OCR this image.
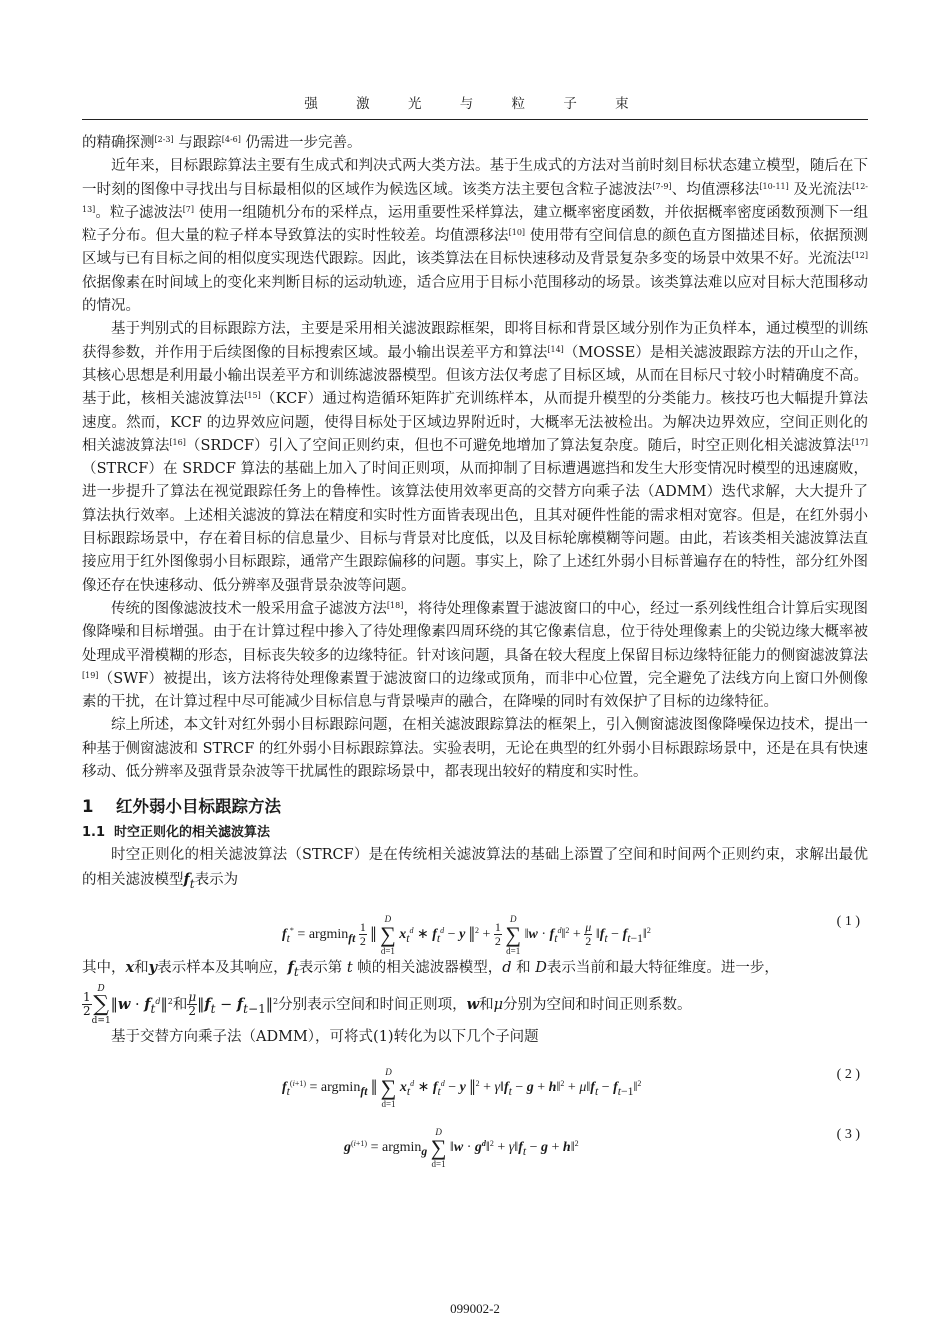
强 激 光 与 粒 子 束

的精确探测[2-3] 与跟踪[4-6] 仍需进一步完善。

近年来，目标跟踪算法主要有生成式和判决式两大类方法。基于生成式的方法对当前时刻目标状态建立模型，随后在下一时刻的图像中寻找出与目标最相似的区域作为候选区域。该类方法主要包含粒子滤波法[7-9]、均值漂移法[10-11] 及光流法[12-13]。粒子滤波法[7] 使用一组随机分布的采样点，运用重要性采样算法，建立概率密度函数，并依据概率密度函数预测下一组粒子分布。但大量的粒子样本导致算法的实时性较差。均值漂移法[10] 使用带有空间信息的颜色直方图描述目标，依据预测区域与已有目标之间的相似度实现迭代跟踪。因此，该类算法在目标快速移动及背景复杂多变的场景中效果不好。光流法[12] 依据像素在时间域上的变化来判断目标的运动轨迹，适合应用于目标小范围移动的场景。该类算法难以应对目标大范围移动的情况。

基于判别式的目标跟踪方法，主要是采用相关滤波跟踪框架，即将目标和背景区域分别作为正负样本，通过模型的训练获得参数，并作用于后续图像的目标搜索区域。最小输出误差平方和算法[14]（MOSSE）是相关滤波跟踪方法的开山之作，其核心思想是利用最小输出误差平方和训练滤波器模型。但该方法仅考虑了目标区域，从而在目标尺寸较小时精确度不高。基于此，核相关滤波算法[15]（KCF）通过构造循环矩阵扩充训练样本，从而提升模型的分类能力。核技巧也大幅提升算法速度。然而，KCF 的边界效应问题，使得目标处于区域边界附近时，大概率无法被检出。为解决边界效应，空间正则化的相关滤波算法[16]（SRDCF）引入了空间正则约束，但也不可避免地增加了算法复杂度。随后，时空正则化相关滤波算法[17]（STRCF）在 SRDCF 算法的基础上加入了时间正则项，从而抑制了目标遭遇遮挡和发生大形变情况时模型的迅速腐败，进一步提升了算法在视觉跟踪任务上的鲁棒性。该算法使用效率更高的交替方向乘子法（ADMM）迭代求解，大大提升了算法执行效率。上述相关滤波的算法在精度和实时性方面皆表现出色，且其对硬件性能的需求相对宽容。但是，在红外弱小目标跟踪场景中，存在着目标的信息量少、目标与背景对比度低，以及目标轮廓模糊等问题。由此，若该类相关滤波算法直接应用于红外图像弱小目标跟踪，通常产生跟踪偏移的问题。事实上，除了上述红外弱小目标普遍存在的特性，部分红外图像还存在快速移动、低分辨率及强背景杂波等问题。

传统的图像滤波技术一般采用盒子滤波方法[18]，将待处理像素置于滤波窗口的中心，经过一系列线性组合计算后实现图像降噪和目标增强。由于在计算过程中掺入了待处理像素四周环绕的其它像素信息，位于待处理像素上的尖锐边缘大概率被处理成平滑模糊的形态，目标丧失较多的边缘特征。针对该问题，具备在较大程度上保留目标边缘特征能力的侧窗滤波算法[19]（SWF）被提出，该方法将待处理像素置于滤波窗口的边缘或顶角，而非中心位置，完全避免了法线方向上窗口外侧像素的干扰，在计算过程中尽可能减少目标信息与背景噪声的融合，在降噪的同时有效保护了目标的边缘特征。

综上所述，本文针对红外弱小目标跟踪问题，在相关滤波跟踪算法的框架上，引入侧窗滤波图像降噪保边技术，提出一种基于侧窗滤波和 STRCF 的红外弱小目标跟踪算法。实验表明，无论在典型的红外弱小目标跟踪场景中，还是在具有快速移动、低分辨率及强背景杂波等干扰属性的跟踪场景中，都表现出较好的精度和实时性。

1 红外弱小目标跟踪方法
1.1 时空正则化的相关滤波算法

时空正则化的相关滤波算法（STRCF）是在传统相关滤波算法的基础上添置了空间和时间两个正则约束，求解出最优的相关滤波模型$f_t$表示为

$f_t^* = argmin_{ft} \frac{1}{2}$ ‖ D
∑
d=1 $x_t^d$ ∗ $f_t^d - y$ ‖$^2$ + $\frac{1}{2}$
D
∑
d=1 ‖w · $f_t^d‖^2 + \frac{\mu}{2}$ $‖f_t$ − $f_{t-1}‖^2$
( 1 )

其中，x和y表示样本及其响应，$f_t$表示第 t 帧的相关滤波器模型，d 和 D表示当前和最大特征维度。进一步，

$\frac{1}{2}$
D
∑
d=1‖w · $f_t^d‖^2$和 $\frac{\mu}{2}$ $‖f_t$ − $f_{t-1}‖^2$分别表示空间和时间正则项，w和μ分别为空间和时间正则系数。

基于交替方向乘子法（ADMM），可将式(1)转化为以下几个子问题

$f_t^{(i+1)} = argmin_{ft}$ ‖ D
∑
d=1 $x_t^d$ ∗ $f_t^d - y$ ‖$^2$ + $\gamma‖f_t - g$ + h‖$^2$ + $\mu‖f_t$ − $f_{t-1}‖^2$
( 2 )
$g^{(i+1)} = argmin_g$ D
∑
d=1 ‖w · $g^d‖^2$ + $\gamma‖f_t - g$ + h‖$^2$
( 3 )
099002-2
